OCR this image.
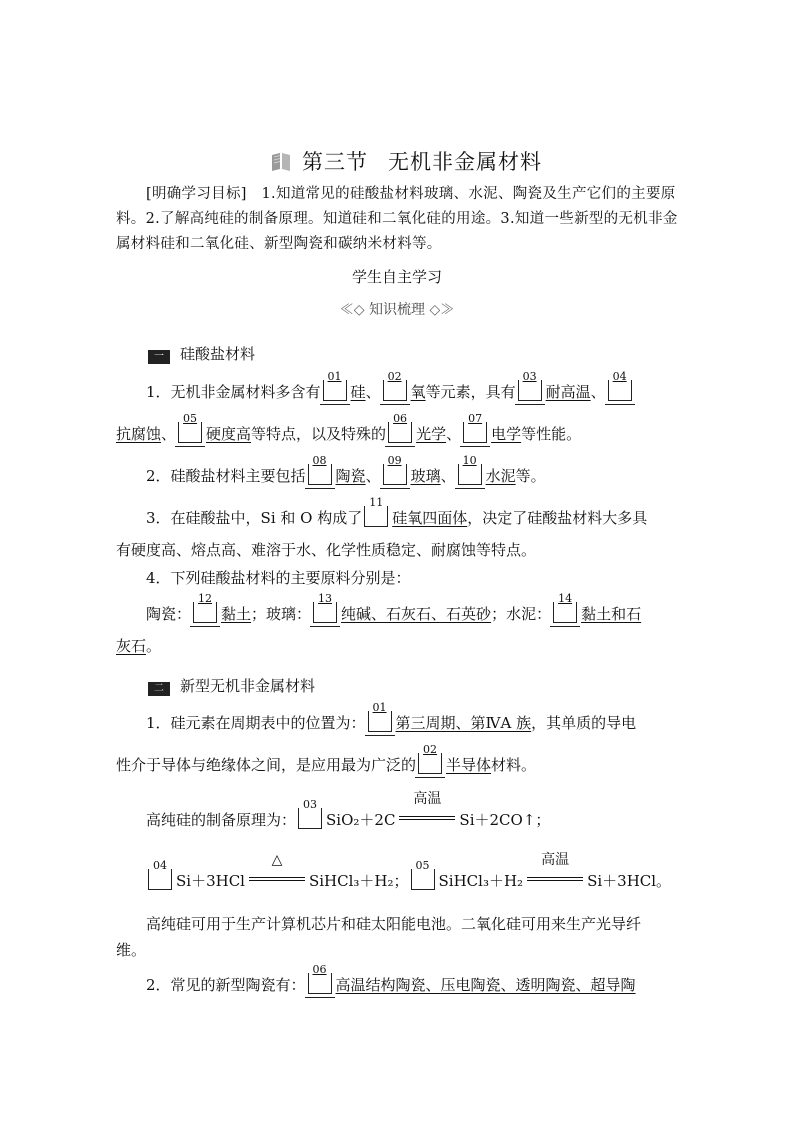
第三节 无机非金属材料
[明确学习目标]　1.知道常见的硅酸盐材料玻璃、水泥、陶瓷及生产它们的主要原料。2.了解高纯硅的制备原理。知道硅和二氧化硅的用途。3.知道一些新型的无机非金属材料硅和二氧化硅、新型陶瓷和碳纳米材料等。
学生自主学习
≪◇ 知识梳理 ◇≫
一 硅酸盐材料
1．无机非金属材料多含有
01
硅、
02
氧等元素，具有
03
耐高温、
04
抗腐蚀、
05
硬度高等特点，以及特殊的
06
光学、
07
电学等性能。
2．硅酸盐材料主要包括
08
陶瓷、
09
玻璃、
10
水泥等。
3．在硅酸盐中，Si 和 O 构成了
11
硅氧四面体，决定了硅酸盐材料大多具
有硬度高、熔点高、难溶于水、化学性质稳定、耐腐蚀等特点。
4．下列硅酸盐材料的主要原料分别是：
陶瓷：
12
黏土；玻璃：
13
纯碱、石灰石、石英砂；水泥：
14
黏土和石
灰石。
二 新型无机非金属材料
1．硅元素在周期表中的位置为：
01
第三周期、第ⅣA 族，其单质的导电
性介于导体与绝缘体之间，是应用最为广泛的
02
半导体材料。
高纯硅的制备原理为：
03
SiO₂＋2C
高温
Si＋2CO↑；
04
Si＋3HCl
△
SiHCl₃＋H₂；
05
SiHCl₃＋H₂
高温
Si＋3HCl。
高纯硅可用于生产计算机芯片和硅太阳能电池。二氧化硅可用来生产光导纤
维。
2．常见的新型陶瓷有：
06
高温结构陶瓷、压电陶瓷、透明陶瓷、超导陶
